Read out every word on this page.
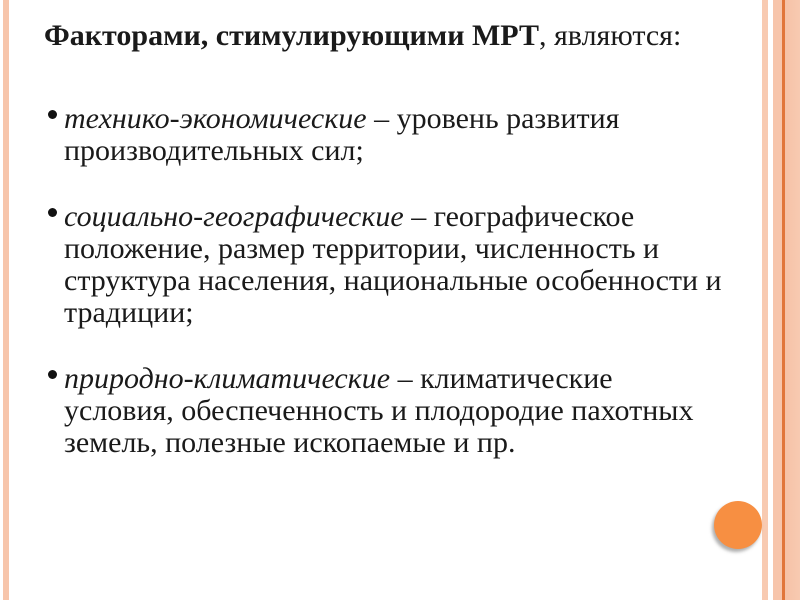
Факторами, стимулирующими МРТ, являются:
технико-экономические – уровень развития
производительных сил;
социально-географические – географическое
положение, размер территории, численность и
структура населения, национальные особенности и
традиции;
природно-климатические – климатические
условия, обеспеченность и плодородие пахотных
земель, полезные ископаемые и пр.
